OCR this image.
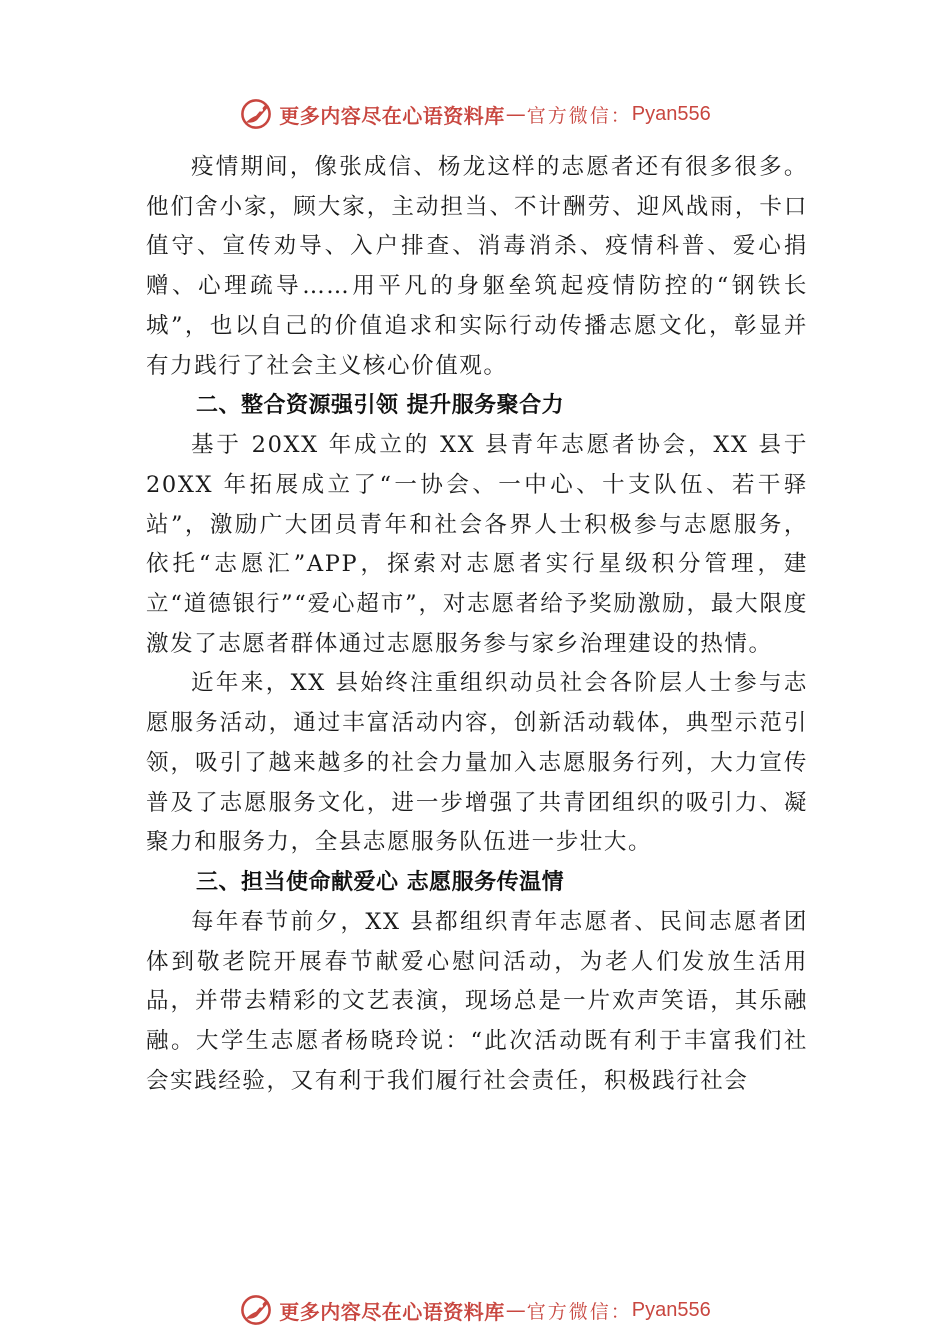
更多内容尽在心语资料库 — 官方微信： Pyan556

疫情期间，像张成信、杨龙这样的志愿者还有很多很多。他们舍小家，顾大家，主动担当、不计酬劳、迎风战雨，卡口值守、宣传劝导、入户排查、消毒消杀、疫情科普、爱心捐赠、心理疏导……用平凡的身躯垒筑起疫情防控的“钢铁长城”，也以自己的价值追求和实际行动传播志愿文化，彰显并有力践行了社会主义核心价值观。

二、整合资源强引领 提升服务聚合力

基于 20XX 年成立的 XX 县青年志愿者协会，XX 县于 20XX 年拓展成立了“一协会、一中心、十支队伍、若干驿站”，激励广大团员青年和社会各界人士积极参与志愿服务，依托“志愿汇”APP，探索对志愿者实行星级积分管理，建立“道德银行”“爱心超市”，对志愿者给予奖励激励，最大限度激发了志愿者群体通过志愿服务参与家乡治理建设的热情。

近年来，XX 县始终注重组织动员社会各阶层人士参与志愿服务活动，通过丰富活动内容，创新活动载体，典型示范引领，吸引了越来越多的社会力量加入志愿服务行列，大力宣传普及了志愿服务文化，进一步增强了共青团组织的吸引力、凝聚力和服务力，全县志愿服务队伍进一步壮大。

三、担当使命献爱心 志愿服务传温情

每年春节前夕，XX 县都组织青年志愿者、民间志愿者团体到敬老院开展春节献爱心慰问活动，为老人们发放生活用品，并带去精彩的文艺表演，现场总是一片欢声笑语，其乐融融。大学生志愿者杨晓玲说：“此次活动既有利于丰富我们社会实践经验，又有利于我们履行社会责任，积极践行社会

更多内容尽在心语资料库 — 官方微信： Pyan556
